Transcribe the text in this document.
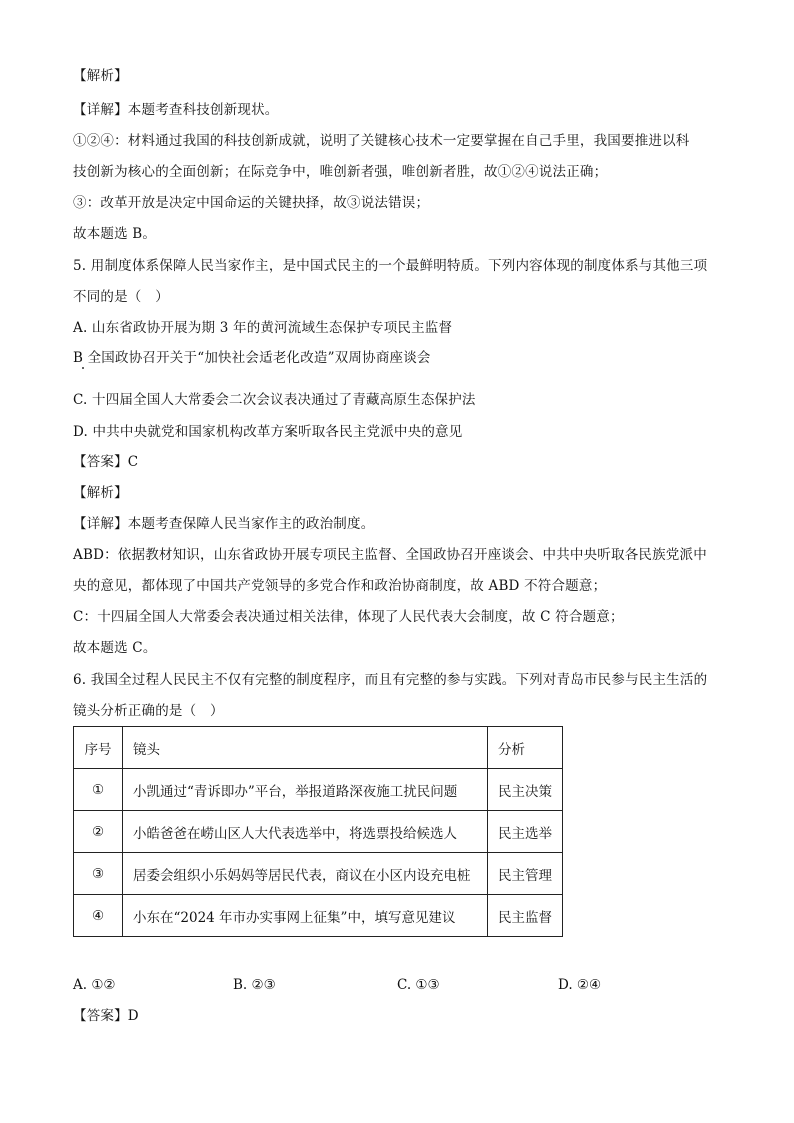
【解析】
【详解】本题考查科技创新现状。
①②④：材料通过我国的科技创新成就，说明了关键核心技术一定要掌握在自己手里，我国要推进以科
技创新为核心的全面创新；在际竞争中，唯创新者强，唯创新者胜，故①②④说法正确；
③：改革开放是决定中国命运的关键抉择，故③说法错误；
故本题选 B。
5. 用制度体系保障人民当家作主，是中国式民主的一个最鲜明特质。下列内容体现的制度体系与其他三项
不同的是（　）
A. 山东省政协开展为期 3 年的黄河流域生态保护专项民主监督
B 全国政协召开关于“加快社会适老化改造”双周协商座谈会
C. 十四届全国人大常委会二次会议表决通过了青藏高原生态保护法
D. 中共中央就党和国家机构改革方案听取各民主党派中央的意见
【答案】C
【解析】
【详解】本题考查保障人民当家作主的政治制度。
ABD：依据教材知识，山东省政协开展专项民主监督、全国政协召开座谈会、中共中央听取各民族党派中
央的意见，都体现了中国共产党领导的多党合作和政治协商制度，故 ABD 不符合题意；
C：十四届全国人大常委会表决通过相关法律，体现了人民代表大会制度，故 C 符合题意；
故本题选 C。
6. 我国全过程人民民主不仅有完整的制度程序，而且有完整的参与实践。下列对青岛市民参与民主生活的
镜头分析正确的是（　）
序号	镜头	分析
①	小凯通过“青诉即办”平台，举报道路深夜施工扰民问题	民主决策
②	小皓爸爸在崂山区人大代表选举中，将选票投给候选人	民主选举
③	居委会组织小乐妈妈等居民代表，商议在小区内设充电桩	民主管理
④	小东在“2024 年市办实事网上征集”中，填写意见建议	民主监督
A. ①②	B. ②③	C. ①③	D. ②④
【答案】D
